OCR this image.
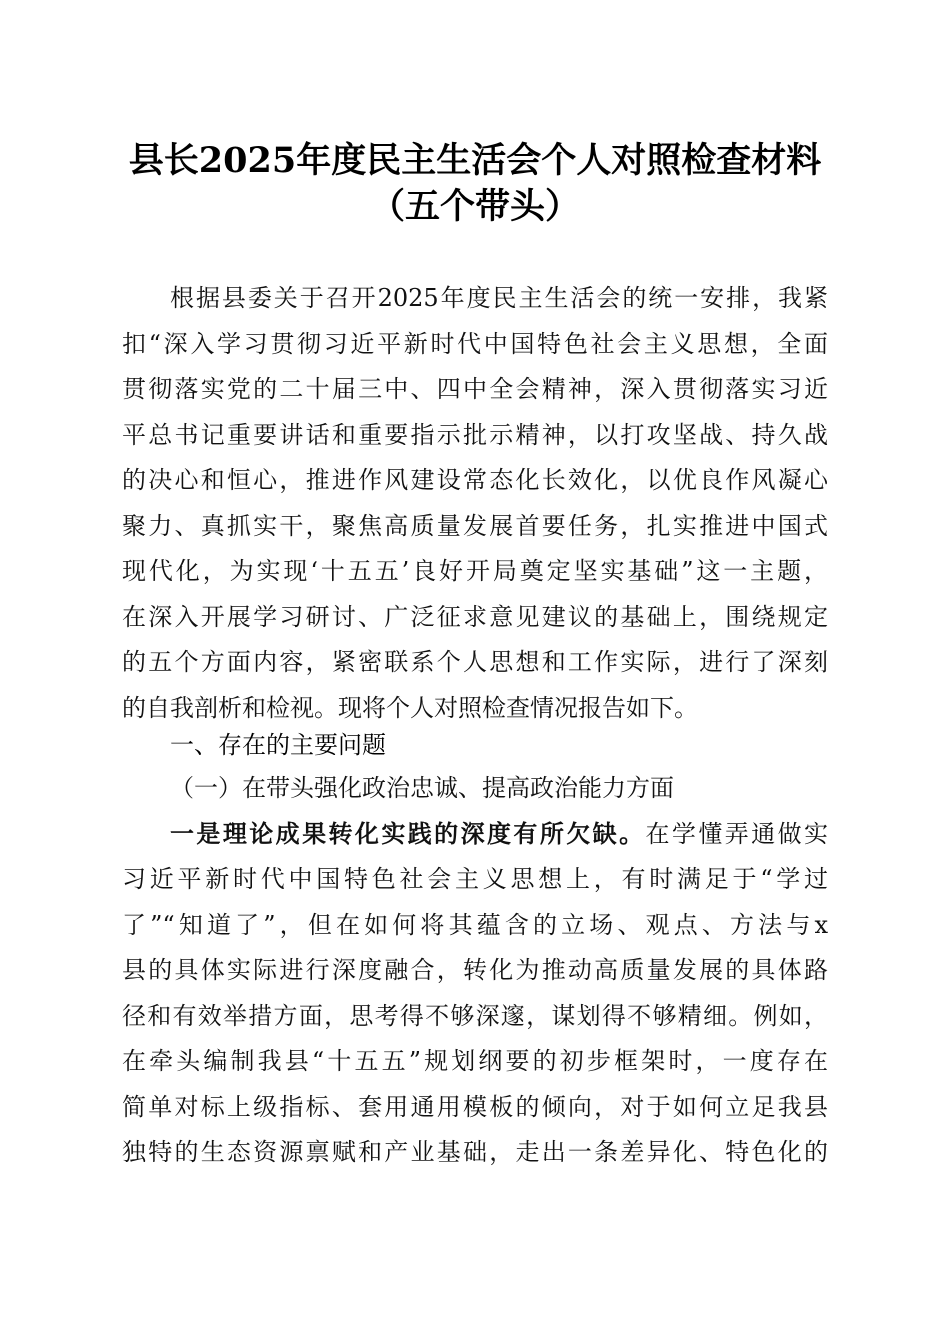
县长2025年度民主生活会个人对照检查材料
（五个带头）
根据县委关于召开2025年度民主生活会的统一安排，我紧
扣“深入学习贯彻习近平新时代中国特色社会主义思想，全面
贯彻落实党的二十届三中、四中全会精神，深入贯彻落实习近
平总书记重要讲话和重要指示批示精神，以打攻坚战、持久战
的决心和恒心，推进作风建设常态化长效化，以优良作风凝心
聚力、真抓实干，聚焦高质量发展首要任务，扎实推进中国式
现代化，为实现‘十五五’良好开局奠定坚实基础”这一主题，
在深入开展学习研讨、广泛征求意见建议的基础上，围绕规定
的五个方面内容，紧密联系个人思想和工作实际，进行了深刻
的自我剖析和检视。现将个人对照检查情况报告如下。
一、存在的主要问题
（一）在带头强化政治忠诚、提高政治能力方面
一是理论成果转化实践的深度有所欠缺。在学懂弄通做实
习近平新时代中国特色社会主义思想上，有时满足于“学过
了”“知道了”，但在如何将其蕴含的立场、观点、方法与x
县的具体实际进行深度融合，转化为推动高质量发展的具体路
径和有效举措方面，思考得不够深邃，谋划得不够精细。例如，
在牵头编制我县“十五五”规划纲要的初步框架时，一度存在
简单对标上级指标、套用通用模板的倾向，对于如何立足我县
独特的生态资源禀赋和产业基础，走出一条差异化、特色化的
